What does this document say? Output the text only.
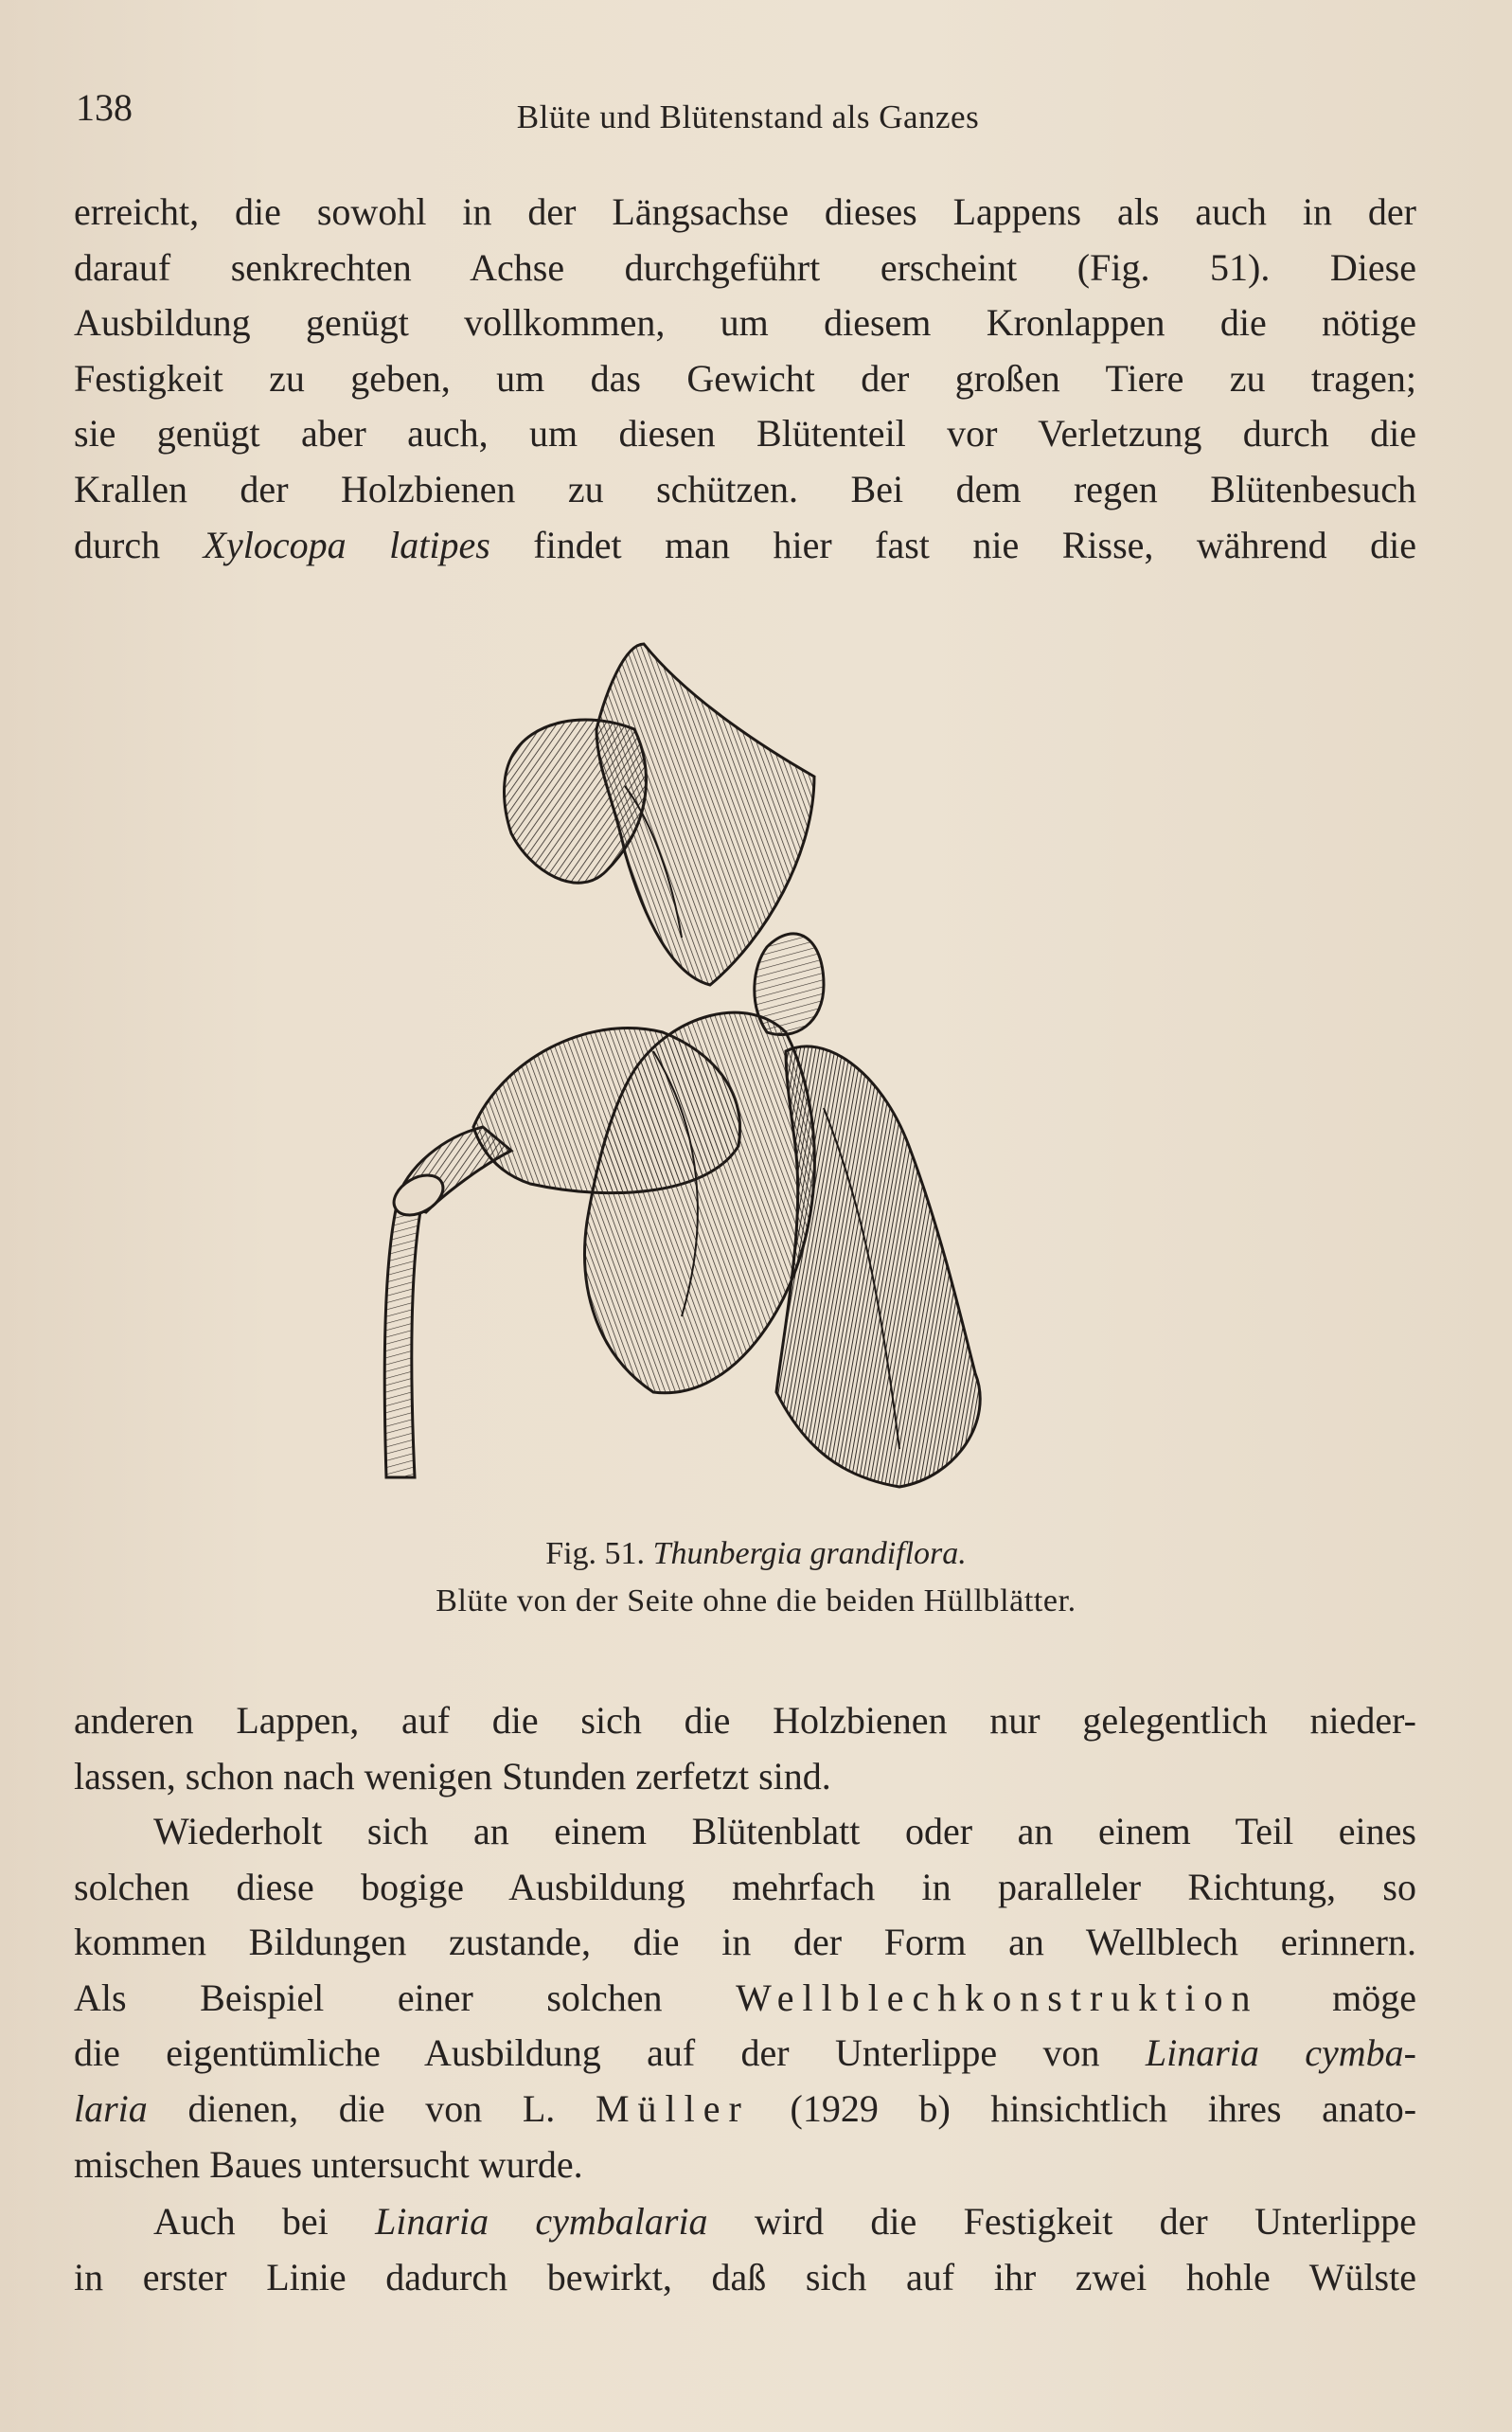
138	Blüte und Blütenstand als Ganzes

erreicht, die sowohl in der Längsachse dieses Lappens als auch in der
darauf senkrechten Achse durchgeführt erscheint (Fig. 51). Diese
Ausbildung genügt vollkommen, um diesem Kronlappen die nötige
Festigkeit zu geben, um das Gewicht der großen Tiere zu tragen;
sie genügt aber auch, um diesen Blütenteil vor Verletzung durch die
Krallen der Holzbienen zu schützen. Bei dem regen Blütenbesuch
durch Xylocopa latipes findet man hier fast nie Risse, während die

Fig. 51. Thunbergia grandiflora.
Blüte von der Seite ohne die beiden Hüllblätter.

anderen Lappen, auf die sich die Holzbienen nur gelegentlich nieder-
lassen, schon nach wenigen Stunden zerfetzt sind.

Wiederholt sich an einem Blütenblatt oder an einem Teil eines
solchen diese bogige Ausbildung mehrfach in paralleler Richtung, so
kommen Bildungen zustande, die in der Form an Wellblech erinnern.
Als Beispiel einer solchen Wellblechkonstruktion möge
die eigentümliche Ausbildung auf der Unterlippe von Linaria cymba-
laria dienen, die von L. Müller (1929 b) hinsichtlich ihres anato-
mischen Baues untersucht wurde.

Auch bei Linaria cymbalaria wird die Festigkeit der Unterlippe
in erster Linie dadurch bewirkt, daß sich auf ihr zwei hohle Wülste
